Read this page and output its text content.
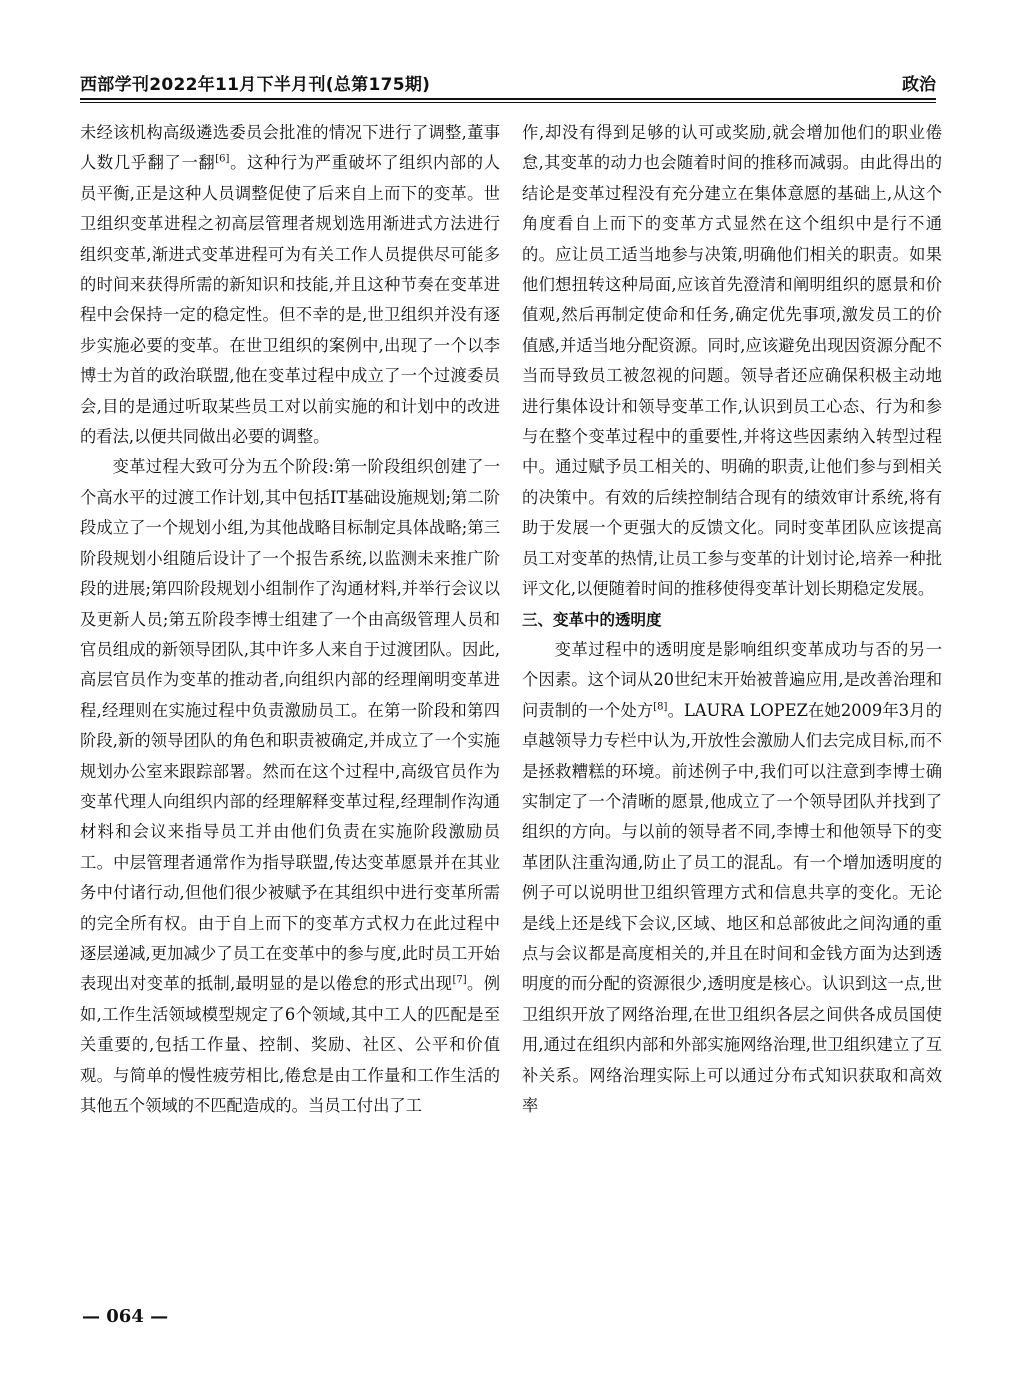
西部学刊2022年11月下半月刊(总第175期)	政治

未经该机构高级遴选委员会批准的情况下进行了调整,董事人数几乎翻了一翻[6]。这种行为严重破坏了组织内部的人员平衡,正是这种人员调整促使了后来自上而下的变革。世卫组织变革进程之初高层管理者规划选用渐进式方法进行组织变革,渐进式变革进程可为有关工作人员提供尽可能多的时间来获得所需的新知识和技能,并且这种节奏在变革进程中会保持一定的稳定性。但不幸的是,世卫组织并没有逐步实施必要的变革。在世卫组织的案例中,出现了一个以李博士为首的政治联盟,他在变革过程中成立了一个过渡委员会,目的是通过听取某些员工对以前实施的和计划中的改进的看法,以便共同做出必要的调整。

变革过程大致可分为五个阶段:第一阶段组织创建了一个高水平的过渡工作计划,其中包括IT基础设施规划;第二阶段成立了一个规划小组,为其他战略目标制定具体战略;第三阶段规划小组随后设计了一个报告系统,以监测未来推广阶段的进展;第四阶段规划小组制作了沟通材料,并举行会议以及更新人员;第五阶段李博士组建了一个由高级管理人员和官员组成的新领导团队,其中许多人来自于过渡团队。因此,高层官员作为变革的推动者,向组织内部的经理阐明变革进程,经理则在实施过程中负责激励员工。在第一阶段和第四阶段,新的领导团队的角色和职责被确定,并成立了一个实施规划办公室来跟踪部署。然而在这个过程中,高级官员作为变革代理人向组织内部的经理解释变革过程,经理制作沟通材料和会议来指导员工并由他们负责在实施阶段激励员工。中层管理者通常作为指导联盟,传达变革愿景并在其业务中付诸行动,但他们很少被赋予在其组织中进行变革所需的完全所有权。由于自上而下的变革方式权力在此过程中逐层递减,更加减少了员工在变革中的参与度,此时员工开始表现出对变革的抵制,最明显的是以倦怠的形式出现[7]。例如,工作生活领域模型规定了6个领域,其中工人的匹配是至关重要的,包括工作量、控制、奖励、社区、公平和价值观。与简单的慢性疲劳相比,倦怠是由工作量和工作生活的其他五个领域的不匹配造成的。当员工付出了工

作,却没有得到足够的认可或奖励,就会增加他们的职业倦怠,其变革的动力也会随着时间的推移而减弱。由此得出的结论是变革过程没有充分建立在集体意愿的基础上,从这个角度看自上而下的变革方式显然在这个组织中是行不通的。应让员工适当地参与决策,明确他们相关的职责。如果他们想扭转这种局面,应该首先澄清和阐明组织的愿景和价值观,然后再制定使命和任务,确定优先事项,激发员工的价值感,并适当地分配资源。同时,应该避免出现因资源分配不当而导致员工被忽视的问题。领导者还应确保积极主动地进行集体设计和领导变革工作,认识到员工心态、行为和参与在整个变革过程中的重要性,并将这些因素纳入转型过程中。通过赋予员工相关的、明确的职责,让他们参与到相关的决策中。有效的后续控制结合现有的绩效审计系统,将有助于发展一个更强大的反馈文化。同时变革团队应该提高员工对变革的热情,让员工参与变革的计划讨论,培养一种批评文化,以便随着时间的推移使得变革计划长期稳定发展。

三、变革中的透明度

变革过程中的透明度是影响组织变革成功与否的另一个因素。这个词从20世纪末开始被普遍应用,是改善治理和问责制的一个处方[8]。LAURA LOPEZ在她2009年3月的卓越领导力专栏中认为,开放性会激励人们去完成目标,而不是拯救糟糕的环境。前述例子中,我们可以注意到李博士确实制定了一个清晰的愿景,他成立了一个领导团队并找到了组织的方向。与以前的领导者不同,李博士和他领导下的变革团队注重沟通,防止了员工的混乱。有一个增加透明度的例子可以说明世卫组织管理方式和信息共享的变化。无论是线上还是线下会议,区域、地区和总部彼此之间沟通的重点与会议都是高度相关的,并且在时间和金钱方面为达到透明度的而分配的资源很少,透明度是核心。认识到这一点,世卫组织开放了网络治理,在世卫组织各层之间供各成员国使用,通过在组织内部和外部实施网络治理,世卫组织建立了互补关系。网络治理实际上可以通过分布式知识获取和高效率

— 064 —
